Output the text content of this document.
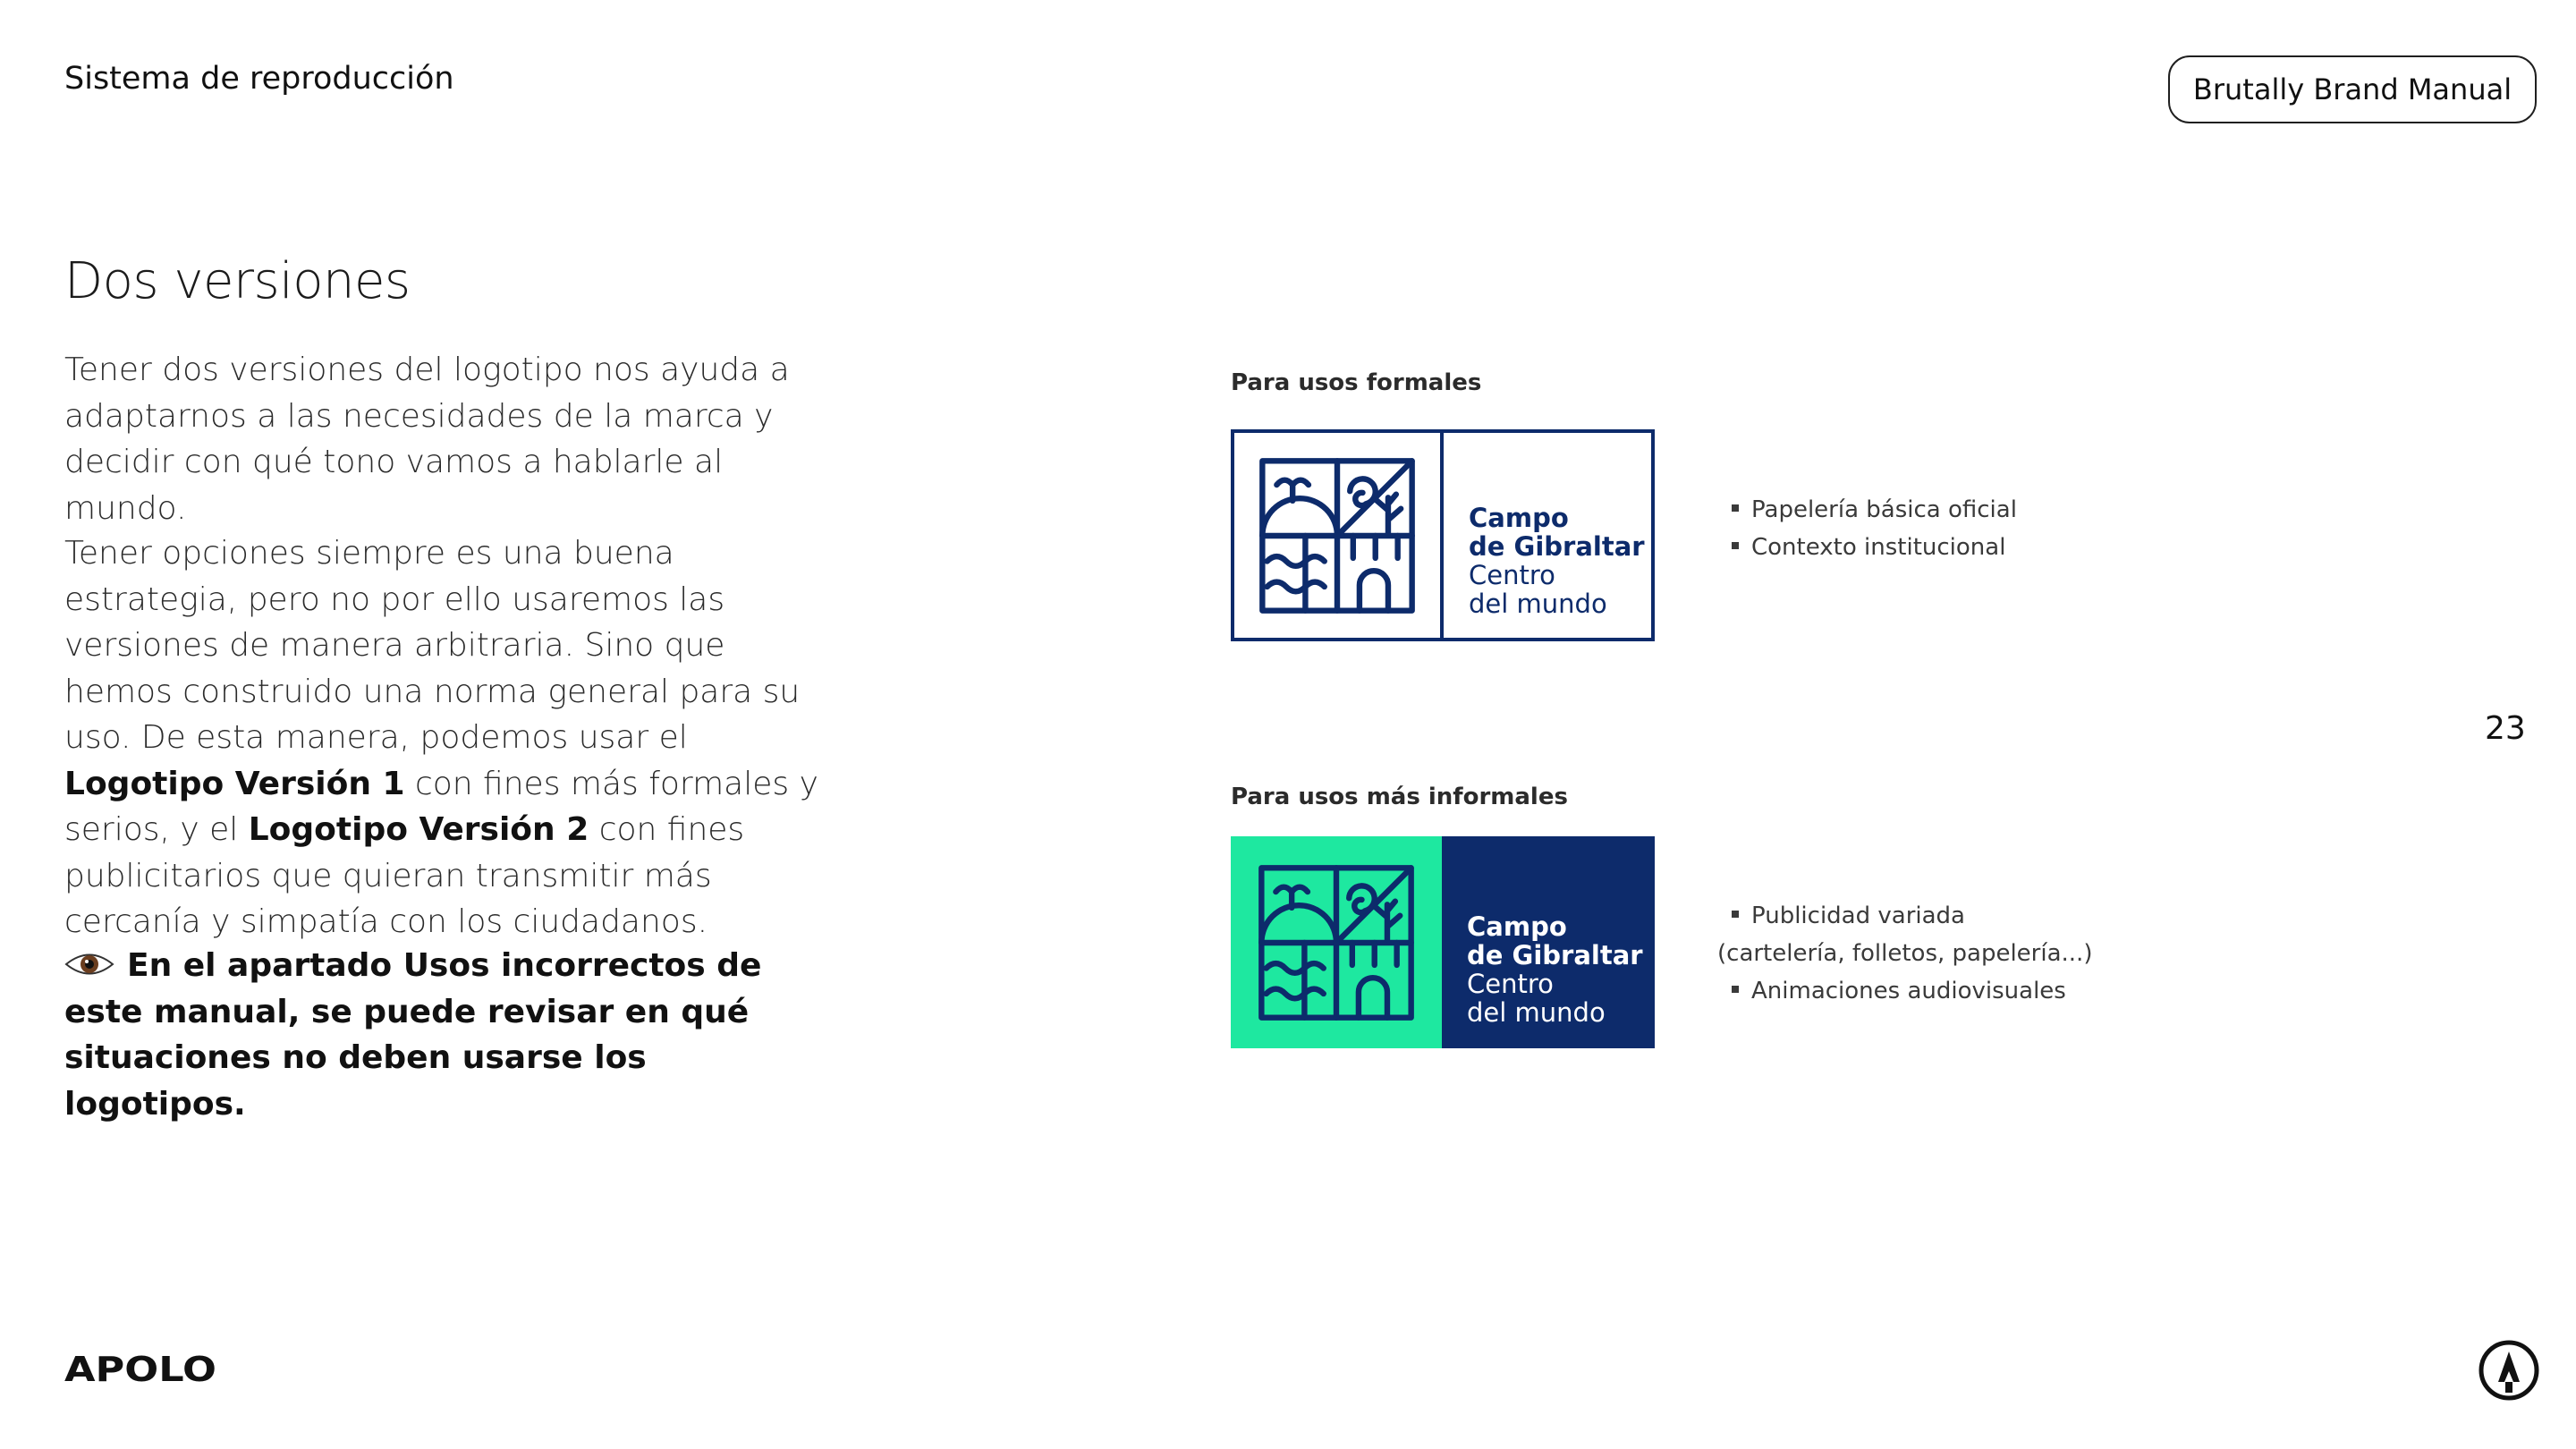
Sistema de reproducción	Brutally Brand Manual
Dos versiones
Tener dos versiones del logotipo nos ayuda a adaptarnos a las necesidades de la marca y decidir con qué tono vamos a hablarle al mundo.
Tener opciones siempre es una buena estrategia, pero no por ello usaremos las versiones de manera arbitraria. Sino que hemos construido una norma general para su uso. De esta manera, podemos usar el Logotipo Versión 1 con fines más formales y serios, y el Logotipo Versión 2 con fines publicitarios que quieran transmitir más cercanía y simpatía con los ciudadanos.
En el apartado Usos incorrectos de este manual, se puede revisar en qué situaciones no deben usarse los logotipos.
Para usos formales
Campo
de Gibraltar
Centro
del mundo
Papelería básica oficial
Contexto institucional
Para usos más informales
Campo
de Gibraltar
Centro
del mundo
Publicidad variada
(cartelería, folletos, papelería...)
Animaciones audiovisuales
23
APOLO
